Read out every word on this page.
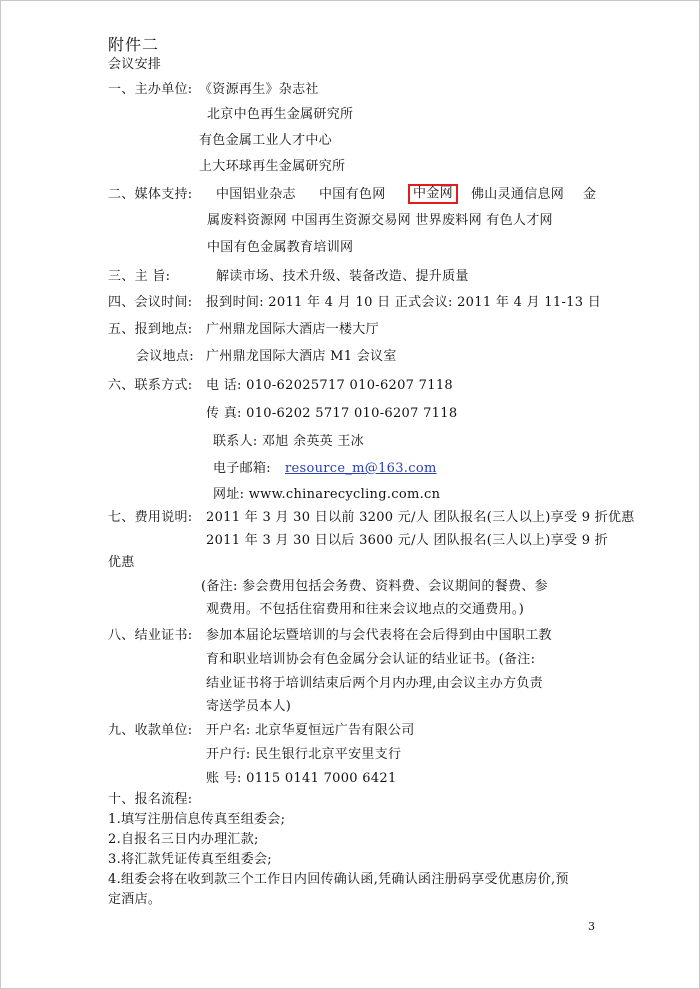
附件二
会议安排
一、主办单位: 《资源再生》杂志社
北京中色再生金属研究所
有色金属工业人才中心
上大环球再生金属研究所
二、媒体支持: 中国铝业杂志 中国有色网	中金网	佛山灵通信息网 金
属废料资源网 中国再生资源交易网 世界废料网 有色人才网
中国有色金属教育培训网
三、主 旨:	解读市场、技术升级、装备改造、提升质量
四、会议时间: 报到时间: 2011 年 4 月 10 日 正式会议: 2011 年 4 月 11-13 日
五、报到地点: 广州鼎龙国际大酒店一楼大厅
会议地点: 广州鼎龙国际大酒店 M1 会议室
六、联系方式: 电 话: 010-62025717 010-6207 7118
传 真: 010-6202 5717 010-6207 7118
联系人: 邓旭 余英英 王冰
电子邮箱: resource_m@163.com
网址: www.chinarecycling.com.cn
七、费用说明: 2011 年 3 月 30 日以前 3200 元/人 团队报名(三人以上)享受 9 折优惠
2011 年 3 月 30 日以后 3600 元/人 团队报名(三人以上)享受 9 折
优惠
(备注: 参会费用包括会务费、资料费、会议期间的餐费、参
观费用。不包括住宿费用和往来会议地点的交通费用。)
八、结业证书: 参加本届论坛暨培训的与会代表将在会后得到由中国职工教
育和职业培训协会有色金属分会认证的结业证书。(备注:
结业证书将于培训结束后两个月内办理,由会议主办方负责
寄送学员本人)
九、收款单位: 开户名: 北京华夏恒远广告有限公司
开户行: 民生银行北京平安里支行
账 号: 0115 0141 7000 6421
十、报名流程:
1.填写注册信息传真至组委会;
2.自报名三日内办理汇款;
3.将汇款凭证传真至组委会;
4.组委会将在收到款三个工作日内回传确认函,凭确认函注册码享受优惠房价,预
定酒店。
3
